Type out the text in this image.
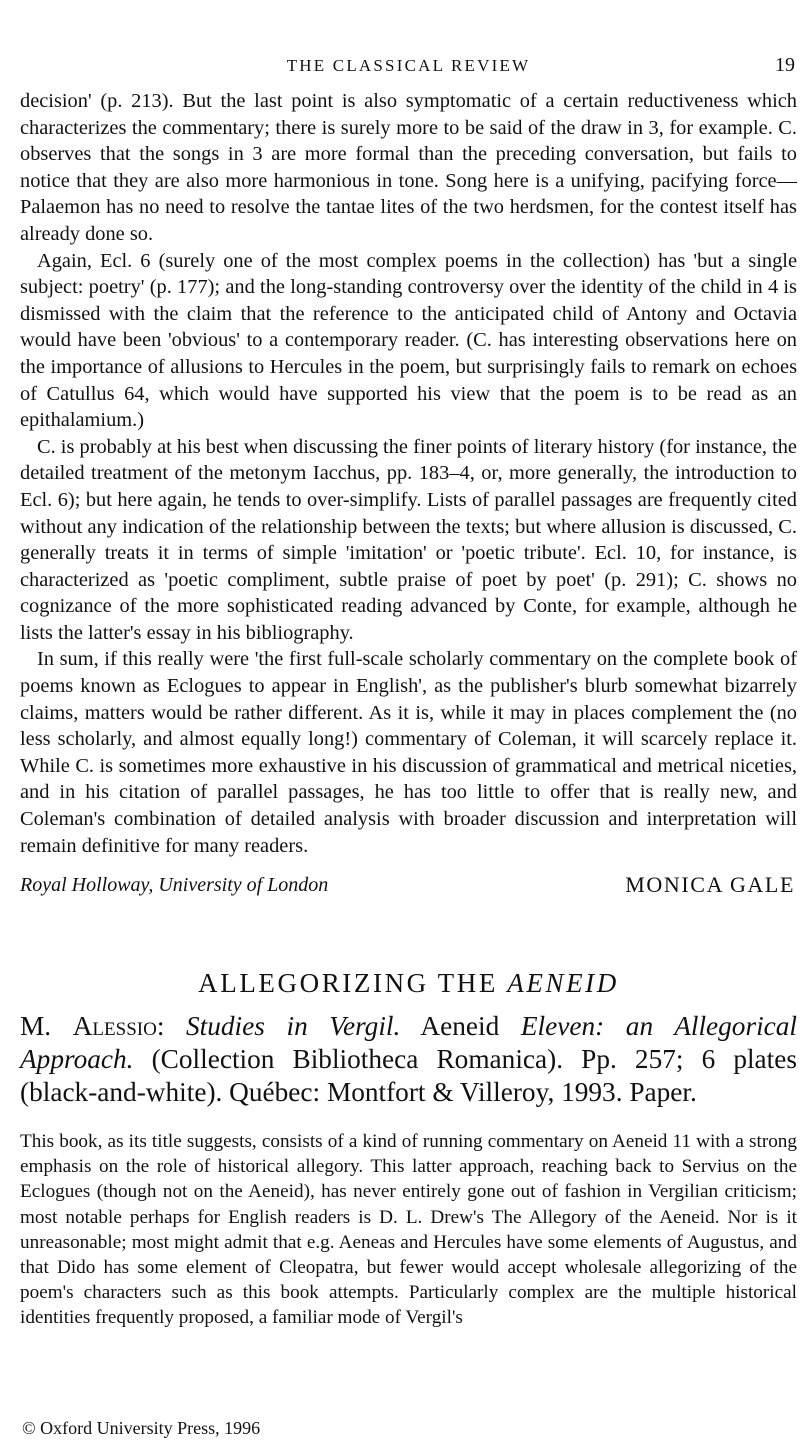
THE CLASSICAL REVIEW	19

decision' (p. 213). But the last point is also symptomatic of a certain reductiveness which characterizes the commentary; there is surely more to be said of the draw in 3, for example. C. observes that the songs in 3 are more formal than the preceding conversation, but fails to notice that they are also more harmonious in tone. Song here is a unifying, pacifying force—Palaemon has no need to resolve the tantae lites of the two herdsmen, for the contest itself has already done so.

Again, Ecl. 6 (surely one of the most complex poems in the collection) has 'but a single subject: poetry' (p. 177); and the long-standing controversy over the identity of the child in 4 is dismissed with the claim that the reference to the anticipated child of Antony and Octavia would have been 'obvious' to a contemporary reader. (C. has interesting observations here on the importance of allusions to Hercules in the poem, but surprisingly fails to remark on echoes of Catullus 64, which would have supported his view that the poem is to be read as an epithalamium.)

C. is probably at his best when discussing the finer points of literary history (for instance, the detailed treatment of the metonym Iacchus, pp. 183–4, or, more generally, the introduction to Ecl. 6); but here again, he tends to over-simplify. Lists of parallel passages are frequently cited without any indication of the relationship between the texts; but where allusion is discussed, C. generally treats it in terms of simple 'imitation' or 'poetic tribute'. Ecl. 10, for instance, is characterized as 'poetic compliment, subtle praise of poet by poet' (p. 291); C. shows no cognizance of the more sophisticated reading advanced by Conte, for example, although he lists the latter's essay in his bibliography.

In sum, if this really were 'the first full-scale scholarly commentary on the complete book of poems known as Eclogues to appear in English', as the publisher's blurb somewhat bizarrely claims, matters would be rather different. As it is, while it may in places complement the (no less scholarly, and almost equally long!) commentary of Coleman, it will scarcely replace it. While C. is sometimes more exhaustive in his discussion of grammatical and metrical niceties, and in his citation of parallel passages, he has too little to offer that is really new, and Coleman's combination of detailed analysis with broader discussion and interpretation will remain definitive for many readers.

Royal Holloway, University of London	MONICA GALE
ALLEGORIZING THE AENEID
M. Alessio: Studies in Vergil. Aeneid Eleven: an Allegorical Approach. (Collection Bibliotheca Romanica). Pp. 257; 6 plates (black-and-white). Québec: Montfort & Villeroy, 1993. Paper.

This book, as its title suggests, consists of a kind of running commentary on Aeneid 11 with a strong emphasis on the role of historical allegory. This latter approach, reaching back to Servius on the Eclogues (though not on the Aeneid), has never entirely gone out of fashion in Vergilian criticism; most notable perhaps for English readers is D. L. Drew's The Allegory of the Aeneid. Nor is it unreasonable; most might admit that e.g. Aeneas and Hercules have some elements of Augustus, and that Dido has some element of Cleopatra, but fewer would accept wholesale allegorizing of the poem's characters such as this book attempts. Particularly complex are the multiple historical identities frequently proposed, a familiar mode of Vergil's

© Oxford University Press, 1996
